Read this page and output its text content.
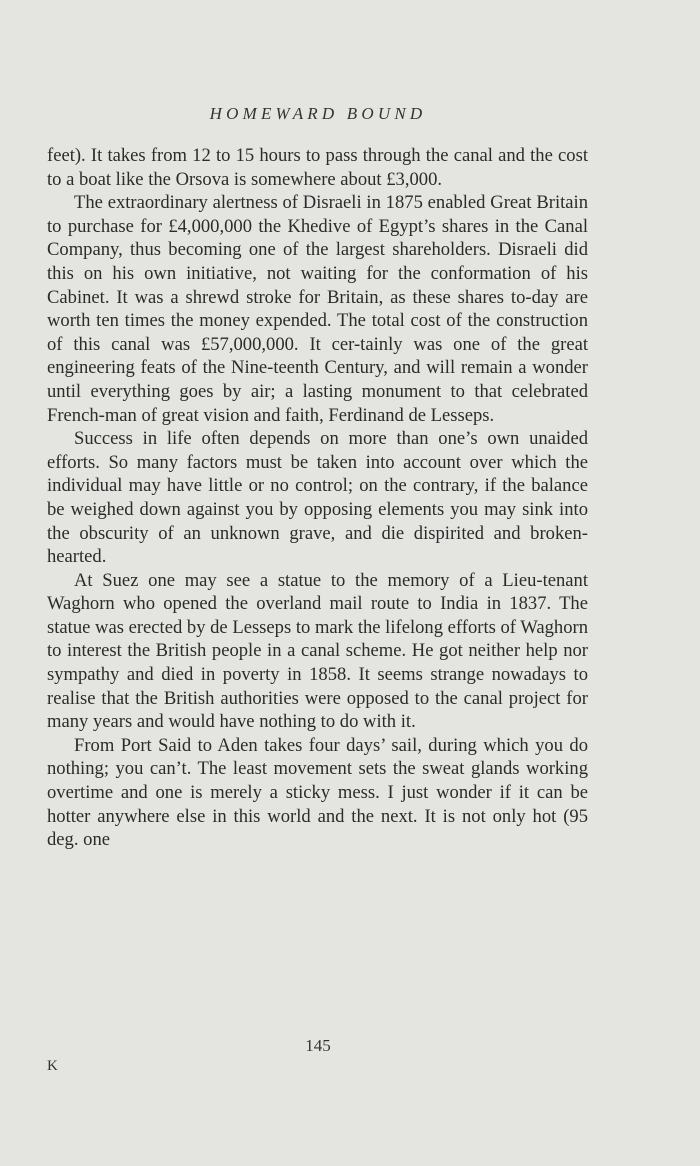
HOMEWARD BOUND

feet). It takes from 12 to 15 hours to pass through the canal and the cost to a boat like the Orsova is somewhere about £3,000.

The extraordinary alertness of Disraeli in 1875 enabled Great Britain to purchase for £4,000,000 the Khedive of Egypt’s shares in the Canal Company, thus becoming one of the largest shareholders. Disraeli did this on his own initiative, not waiting for the conformation of his Cabinet. It was a shrewd stroke for Britain, as these shares to-day are worth ten times the money expended. The total cost of the construction of this canal was £57,000,000. It cer-tainly was one of the great engineering feats of the Nine-teenth Century, and will remain a wonder until everything goes by air; a lasting monument to that celebrated French-man of great vision and faith, Ferdinand de Lesseps.

Success in life often depends on more than one’s own unaided efforts. So many factors must be taken into account over which the individual may have little or no control; on the contrary, if the balance be weighed down against you by opposing elements you may sink into the obscurity of an unknown grave, and die dispirited and broken-hearted.

At Suez one may see a statue to the memory of a Lieu-tenant Waghorn who opened the overland mail route to India in 1837. The statue was erected by de Lesseps to mark the lifelong efforts of Waghorn to interest the British people in a canal scheme. He got neither help nor sympathy and died in poverty in 1858. It seems strange nowadays to realise that the British authorities were opposed to the canal project for many years and would have nothing to do with it.

From Port Said to Aden takes four days’ sail, during which you do nothing; you can’t. The least movement sets the sweat glands working overtime and one is merely a sticky mess. I just wonder if it can be hotter anywhere else in this world and the next. It is not only hot (95 deg. one

145
K
